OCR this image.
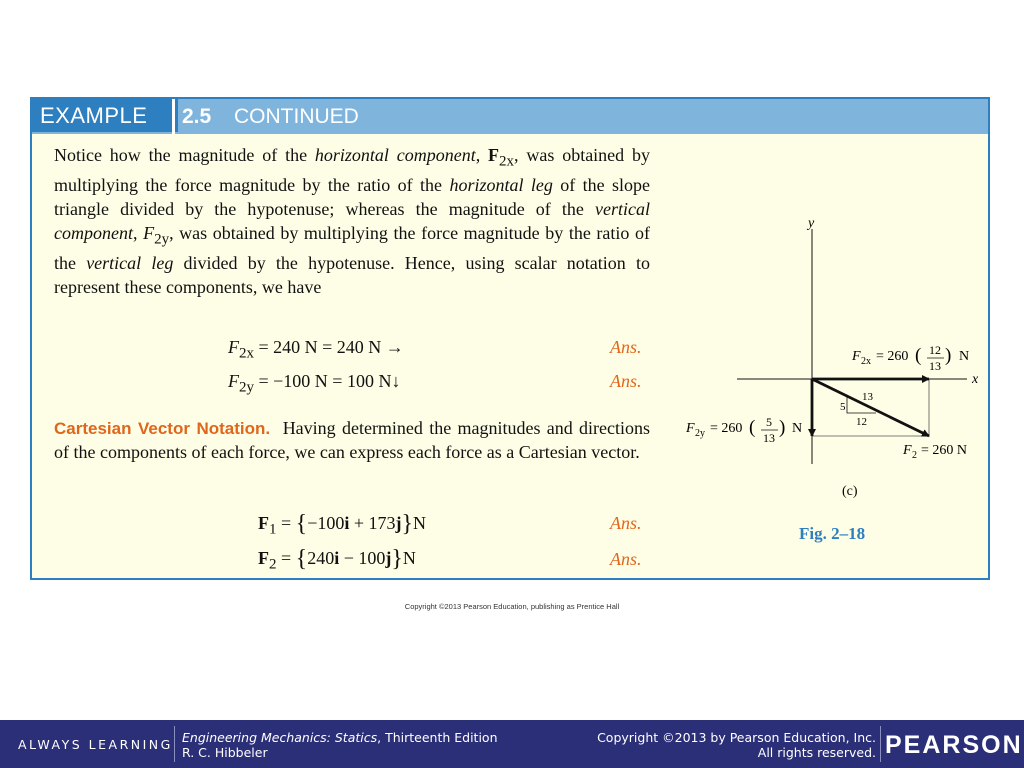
EXAMPLE	2.5 CONTINUED
Notice how the magnitude of the horizontal component, $F_{2x}$, was obtained by multiplying the force magnitude by the ratio of the horizontal leg of the slope triangle divided by the hypotenuse; whereas the magnitude of the vertical component, $F_{2y}$, was obtained by multiplying the force magnitude by the ratio of the vertical leg divided by the hypotenuse. Hence, using scalar notation to represent these components, we have
$F_{2x} = 240$ N = 240 N →	Ans.
$F_{2y} = -100$ N = 100 N↓	Ans.
Cartesian Vector Notation. Having determined the magnitudes and directions of the components of each force, we can express each force as a Cartesian vector.
$F_1 = \{-100i + 173j\}N$	Ans.
$F_2 = \{240i - 100j\}N$	Ans.
y
x
13
5
12
F 2x = 260 ( 12
13 ) N
F 2y = 260 ( 5
13 ) N
F 2 = 260 N
(c)
Fig. 2–18
Copyright ©2013 Pearson Education, publishing as Prentice Hall
ALWAYS LEARNING Engineering Mechanics: Statics, Thirteenth Edition
R. C. Hibbeler
Copyright ©2013 by Pearson Education, Inc.
All rights reserved. PEARSON
